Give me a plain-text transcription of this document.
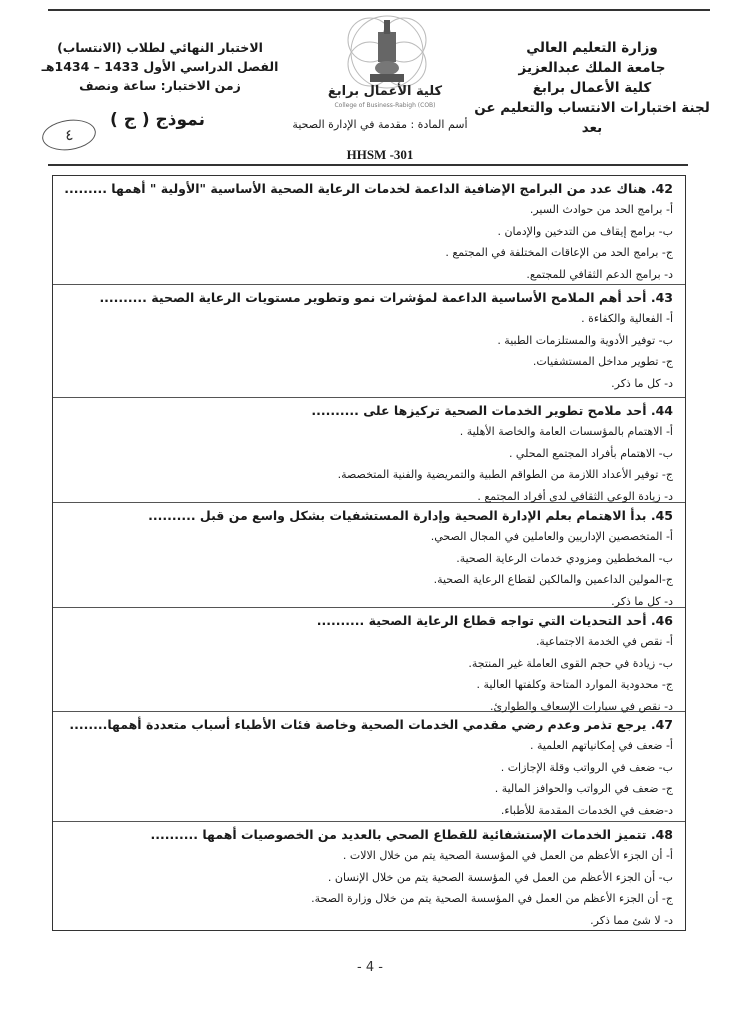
وزارة التعليم العالي
جامعة الملك عبدالعزيز
كلية الأعمال برابغ
لجنة اختبارات الانتساب والتعليم عن بعد
كلية الأعمال برابغ
College of Business-Rabigh (COB)
أسم المادة : مقدمة في الإدارة الصحية
HHSM -301
الاختبار النهائي لطلاب (الانتساب)
الفصل الدراسي الأول 1433 – 1434هـ
زمن الاختبار: ساعة ونصف
نموذج ( ج )
٤
42. هناك عدد من البرامج الإضافية الداعمة لخدمات الرعاية الصحية الأساسية "الأولية " أهمها .........
أ- برامج الحد من حوادث السير.
ب- برامج إيقاف من التدخين والإدمان .
ج- برامج الحد من الإعاقات المختلفة في المجتمع .
د- برامج الدعم الثقافي للمجتمع.
43. أحد أهم الملامح الأساسية الداعمة لمؤشرات نمو وتطوير مستويات الرعاية الصحية ..........
أ- الفعالية والكفاءة .
ب- توفير الأدوية والمستلزمات الطبية .
ج- تطوير مداخل المستشفيات.
د- كل ما ذكر.
44. أحد ملامح تطوير الخدمات الصحية تركيزها على ..........
أ- الاهتمام بالمؤسسات العامة والخاصة الأهلية .
ب- الاهتمام بأفراد المجتمع المحلي .
ج- توفير الأعداد اللازمة من الطواقم الطبية والتمريضية والفنية المتخصصة.
د- زيادة الوعي الثقافي لدى أفراد المجتمع .
45. بدأ الاهتمام بعلم الإدارة الصحية وإدارة المستشفيات بشكل واسع من قبل ..........
أ- المتخصصين الإداريين والعاملين في المجال الصحي.
ب- المخططين ومزودي خدمات الرعاية الصحية.
ج-المولين الداعمين والمالكين لقطاع الرعاية الصحية.
د- كل ما ذكر.
46. أحد التحديات التي تواجه قطاع الرعاية الصحية ..........
أ- نقص في الخدمة الاجتماعية.
ب- زيادة في حجم القوى العاملة غير المنتجة.
ج- محدودية الموارد المتاحة وكلفتها العالية .
د- نقص في سيارات الإسعاف والطوارئ.
47. يرجع تذمر وعدم رضي مقدمي الخدمات الصحية وخاصة فئات الأطباء أسباب متعددة أهمها........
أ- ضعف في إمكانياتهم العلمية .
ب- ضعف في الرواتب وقلة الإجازات .
ج- ضعف في الرواتب والحوافز المالية .
د-ضعف في الخدمات المقدمة للأطباء.
48. تتميز الخدمات الإستشفائية للقطاع الصحي بالعديد من الخصوصيات أهمها ..........
أ- أن الجزء الأعظم من العمل في المؤسسة الصحية يتم من خلال الالات .
ب- أن الجزء الأعظم من العمل في المؤسسة الصحية يتم من خلال الإنسان .
ج- أن الجزء الأعظم من العمل في المؤسسة الصحية يتم من خلال وزارة الصحة.
د- لا شئ مما ذكر.
- 4 -
